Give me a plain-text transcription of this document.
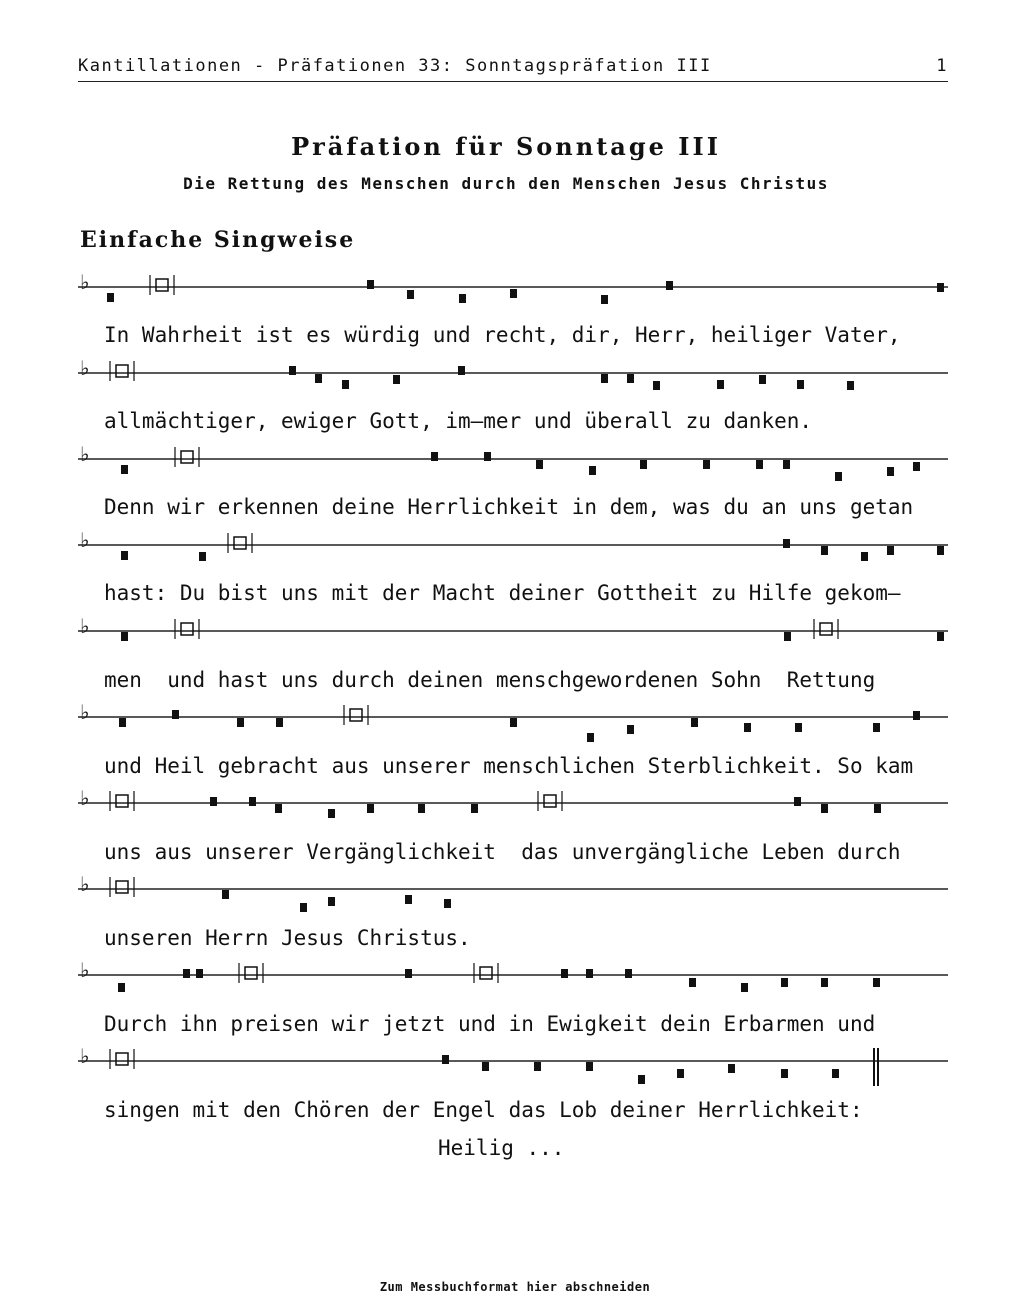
Kantillationen - Präfationen 33: Sonntagspräfation III	1
Präfation für Sonntage III
Die Rettung des Menschen durch den Menschen Jesus Christus
Einfache Singweise
♭
♭
♭
♭
♭
♭
♭
♭
♭
♭
In Wahrheit ist es würdig und recht, dir, Herr, heiliger Vater,
allmächtiger, ewiger Gott, im—mer und überall zu danken.
Denn wir erkennen deine Herrlichkeit in dem, was du an uns getan
hast: Du bist uns mit der Macht deiner Gottheit zu Hilfe gekom—
men  und hast uns durch deinen menschgewordenen Sohn  Rettung
und Heil gebracht aus unserer menschlichen Sterblichkeit. So kam
uns aus unserer Vergänglichkeit  das unvergängliche Leben durch
unseren Herrn Jesus Christus.
Durch ihn preisen wir jetzt und in Ewigkeit dein Erbarmen und
singen mit den Chören der Engel das Lob deiner Herrlichkeit:
Heilig ...
Zum Messbuchformat hier abschneiden
